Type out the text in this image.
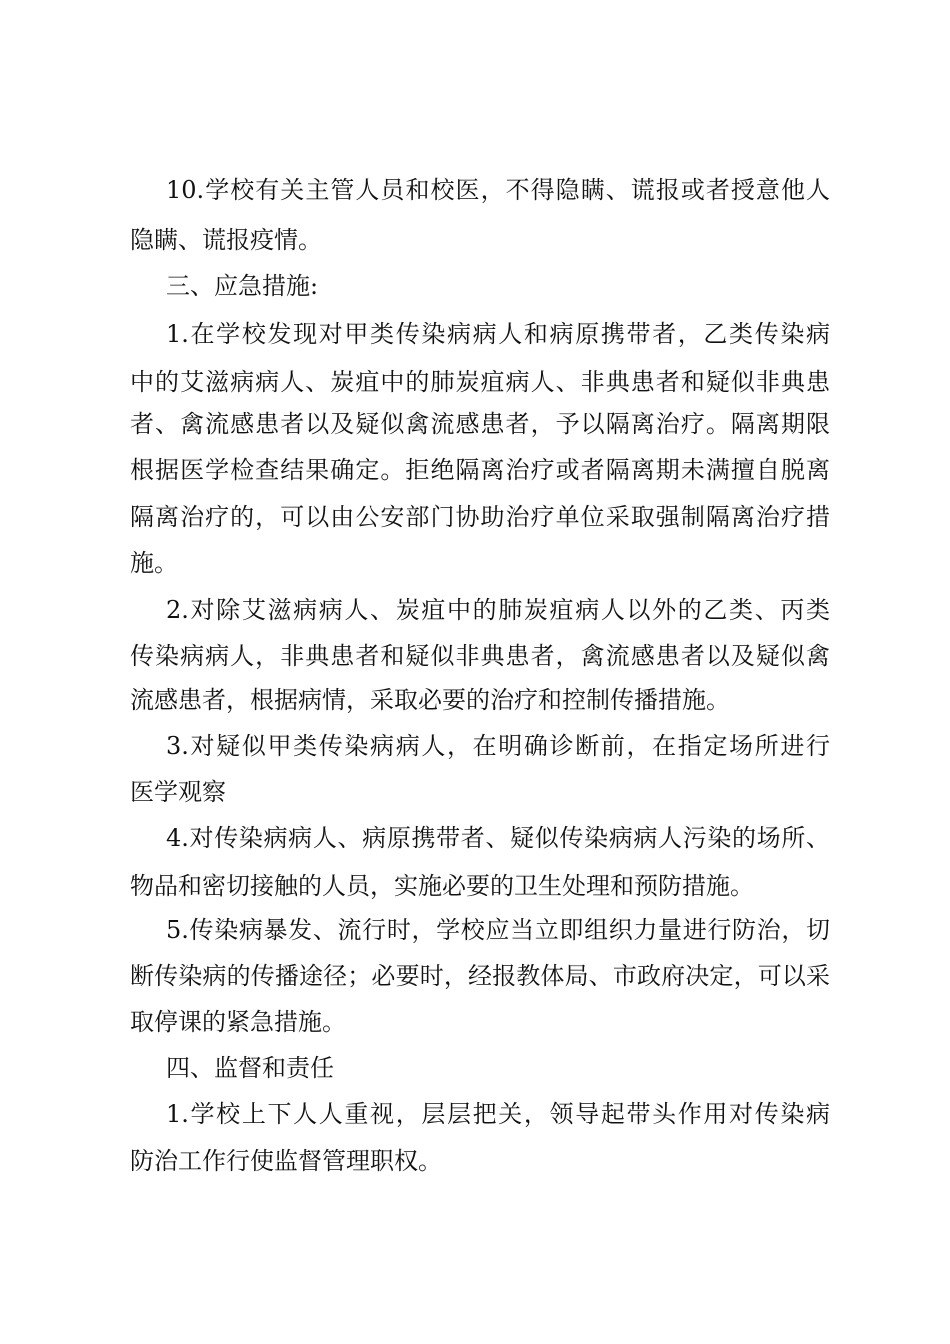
10.学校有关主管人员和校医，不得隐瞒、谎报或者授意他人
隐瞒、谎报疫情。
三、应急措施:
1.在学校发现对甲类传染病病人和病原携带者，乙类传染病
中的艾滋病病人、炭疽中的肺炭疽病人、非典患者和疑似非典患
者、禽流感患者以及疑似禽流感患者，予以隔离治疗。隔离期限
根据医学检查结果确定。拒绝隔离治疗或者隔离期未满擅自脱离
隔离治疗的，可以由公安部门协助治疗单位采取强制隔离治疗措
施。
2.对除艾滋病病人、炭疽中的肺炭疽病人以外的乙类、丙类
传染病病人，非典患者和疑似非典患者，禽流感患者以及疑似禽
流感患者，根据病情，采取必要的治疗和控制传播措施。
3.对疑似甲类传染病病人，在明确诊断前，在指定场所进行
医学观察
4.对传染病病人、病原携带者、疑似传染病病人污染的场所、
物品和密切接触的人员，实施必要的卫生处理和预防措施。
5.传染病暴发、流行时，学校应当立即组织力量进行防治，切
断传染病的传播途径；必要时，经报教体局、市政府决定，可以采
取停课的紧急措施。
四、监督和责任
1.学校上下人人重视，层层把关，领导起带头作用对传染病
防治工作行使监督管理职权。
